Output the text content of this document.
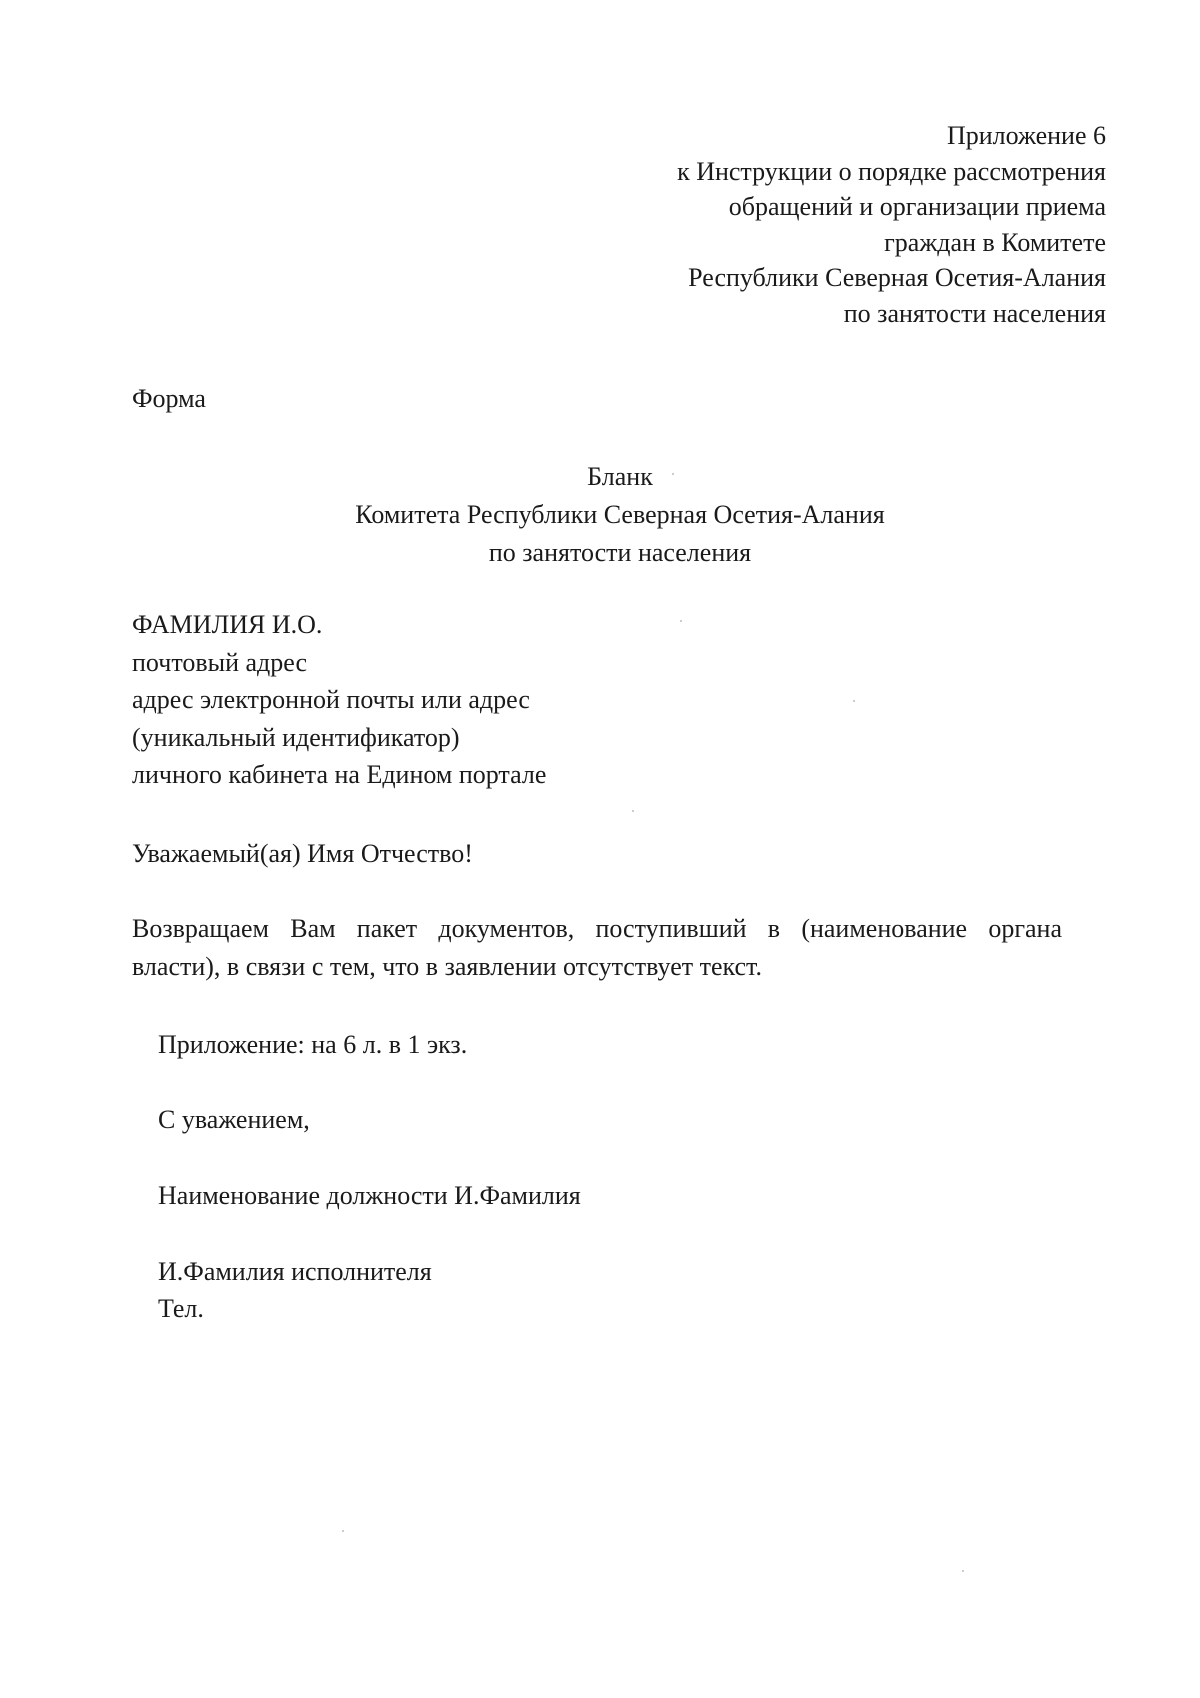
Приложение 6
к Инструкции о порядке рассмотрения
обращений и организации приема
граждан в Комитете
Республики Северная Осетия-Алания
по занятости населения
Форма
Бланк
Комитета Республики Северная Осетия-Алания
по занятости населения
ФАМИЛИЯ И.О.
почтовый адрес
адрес электронной почты или адрес
(уникальный идентификатор)
личного кабинета на Едином портале
Уважаемый(ая) Имя Отчество!
Возвращаем Вам пакет документов, поступивший в (наименование органа
власти), в связи с тем, что в заявлении отсутствует текст.
Приложение: на 6 л. в 1 экз.
С уважением,
Наименование должности И.Фамилия
И.Фамилия исполнителя
Тел.
